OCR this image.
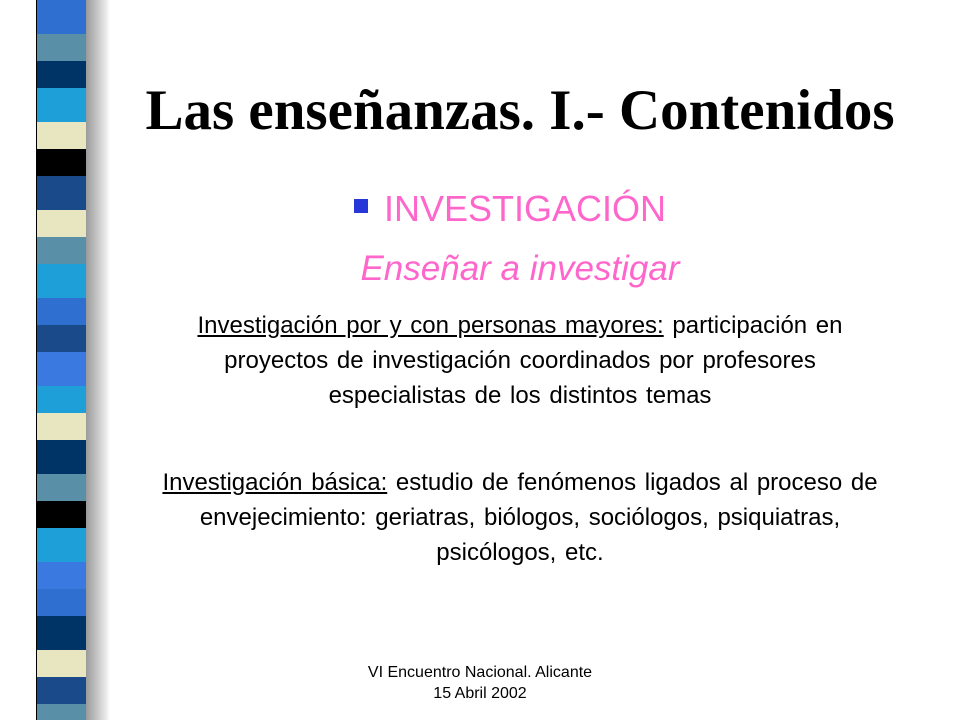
Las enseñanzas. I.- Contenidos
INVESTIGACIÓN
Enseñar a investigar

Investigación por y con personas mayores: participación en proyectos de investigación coordinados por profesores especialistas de los distintos temas

Investigación básica: estudio de fenómenos ligados al proceso de envejecimiento: geriatras, biólogos, sociólogos, psiquiatras, psicólogos, etc.

VI Encuentro Nacional. Alicante
15 Abril 2002
